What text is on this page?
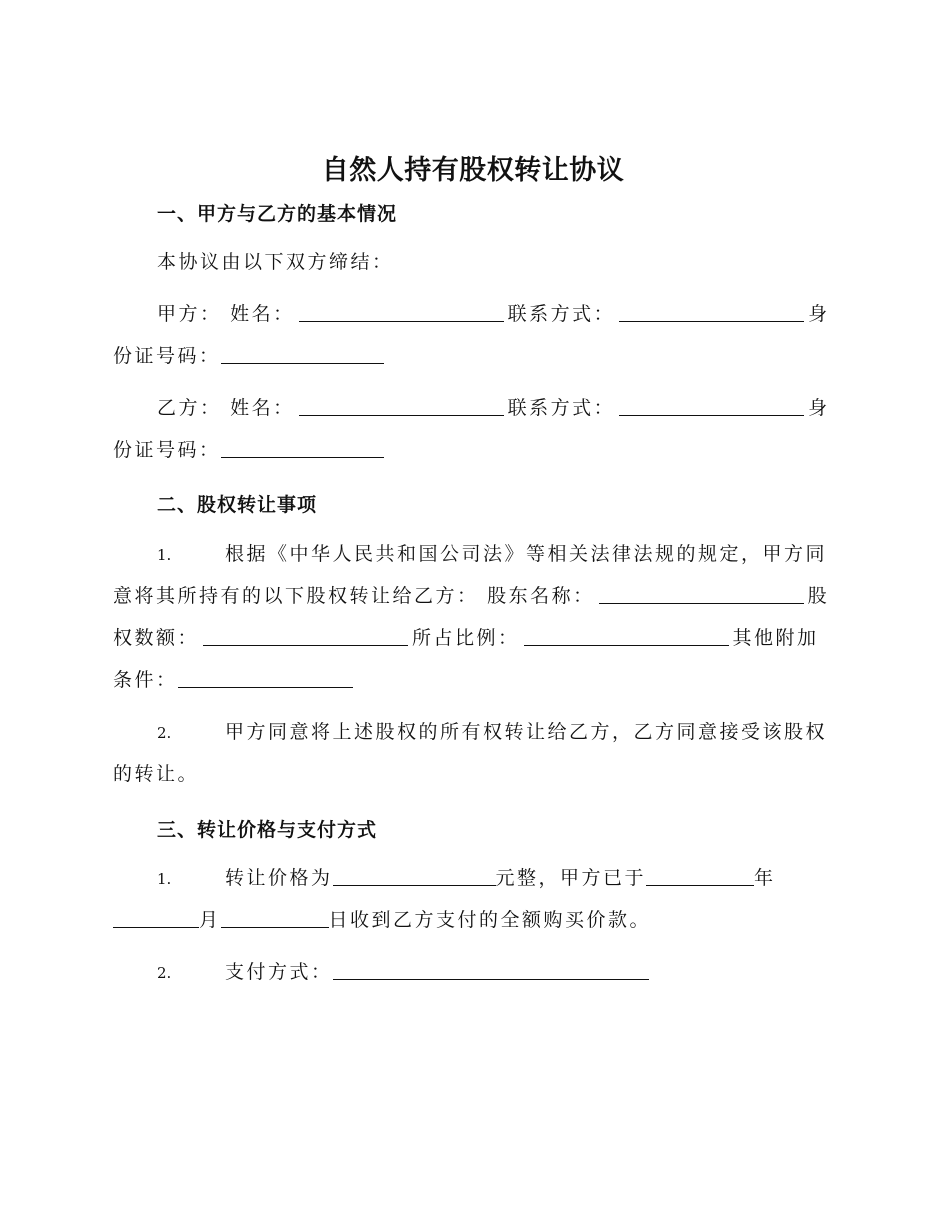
自然人持有股权转让协议
一、甲方与乙方的基本情况
本协议由以下双方缔结：
甲方： 姓名：	联系方式：	身
份证号码：
乙方： 姓名：	联系方式：	身
份证号码：
二、股权转让事项
1.	根据《中华人民共和国公司法》等相关法律法规的规定，甲方同
意将其所持有的以下股权转让给乙方： 股东名称：	股
权数额：	所占比例：	其他附加
条件：
2.	甲方同意将上述股权的所有权转让给乙方，乙方同意接受该股权
的转让。
三、转让价格与支付方式
1.	转让价格为	元整，甲方已于	年
月	日收到乙方支付的全额购买价款。
2.	支付方式：
